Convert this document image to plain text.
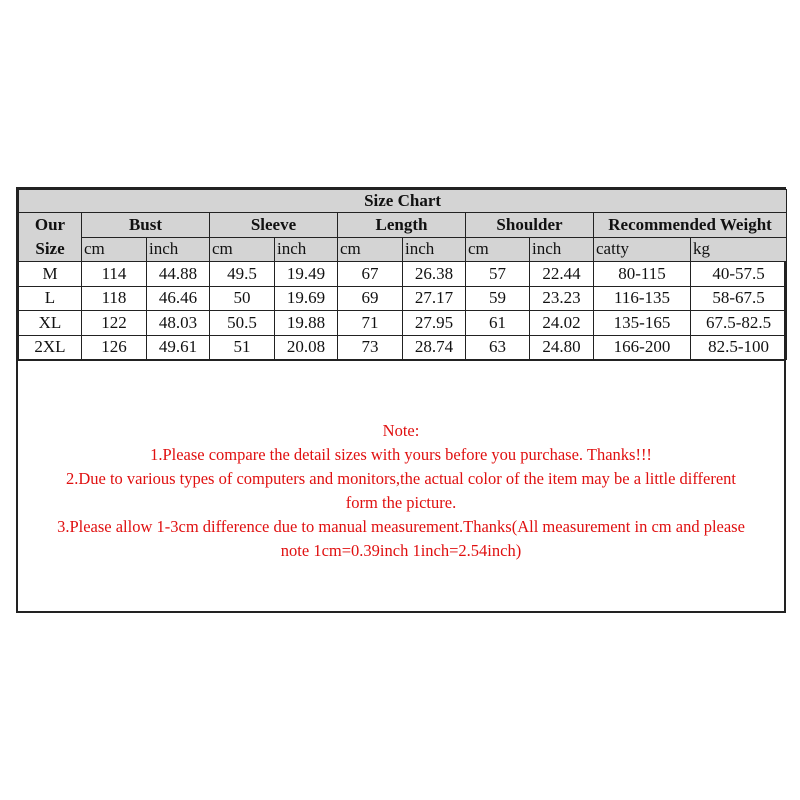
Size Chart										

Our
Size	Bust		Sleeve		Length		Shoulder		Recommended Weight	
	cm	inch	cm	inch	cm	inch	cm	inch	catty	kg
M	114	44.88	49.5	19.49	67	26.38	57	22.44	80-115	40-57.5
L	118	46.46	50	19.69	69	27.17	59	23.23	116-135	58-67.5
XL	122	48.03	50.5	19.88	71	27.95	61	24.02	135-165	67.5-82.5
2XL	126	49.61	51	20.08	73	28.74	63	24.80	166-200	82.5-100
Note:
1.Please compare the detail sizes with yours before you purchase. Thanks!!!
2.Due to various types of computers and monitors,the actual color of the item may be a little different
form the picture.
3.Please allow 1-3cm difference due to manual measurement.Thanks(All measurement in cm and please
note 1cm=0.39inch 1inch=2.54inch)
